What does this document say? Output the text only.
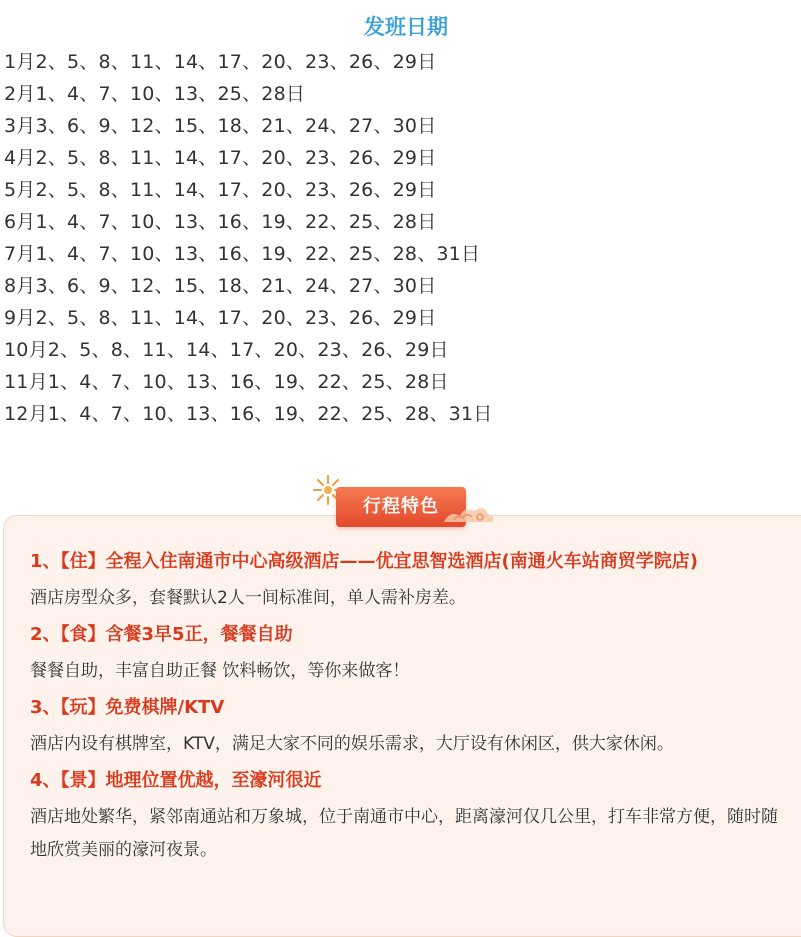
发班日期
1月2、5、8、11、14、17、20、23、26、29日
2月1、4、7、10、13、25、28日
3月3、6、9、12、15、18、21、24、27、30日
4月2、5、8、11、14、17、20、23、26、29日
5月2、5、8、11、14、17、20、23、26、29日
6月1、4、7、10、13、16、19、22、25、28日
7月1、4、7、10、13、16、19、22、25、28、31日
8月3、6、9、12、15、18、21、24、27、30日
9月2、5、8、11、14、17、20、23、26、29日
10月2、5、8、11、14、17、20、23、26、29日
11月1、4、7、10、13、16、19、22、25、28日
12月1、4、7、10、13、16、19、22、25、28、31日
行程特色

1、【住】全程入住南通市中心高级酒店——优宜思智选酒店(南通火车站商贸学院店)

酒店房型众多，套餐默认2人一间标准间，单人需补房差。

2、【食】含餐3早5正，餐餐自助

餐餐自助，丰富自助正餐 饮料畅饮，等你来做客！

3、【玩】免费棋牌/KTV

酒店内设有棋牌室，KTV，满足大家不同的娱乐需求，大厅设有休闲区，供大家休闲。

4、【景】地理位置优越，至濠河很近

酒店地处繁华，紧邻南通站和万象城，位于南通市中心，距离濠河仅几公里，打车非常方便，随时随地欣赏美丽的濠河夜景。
